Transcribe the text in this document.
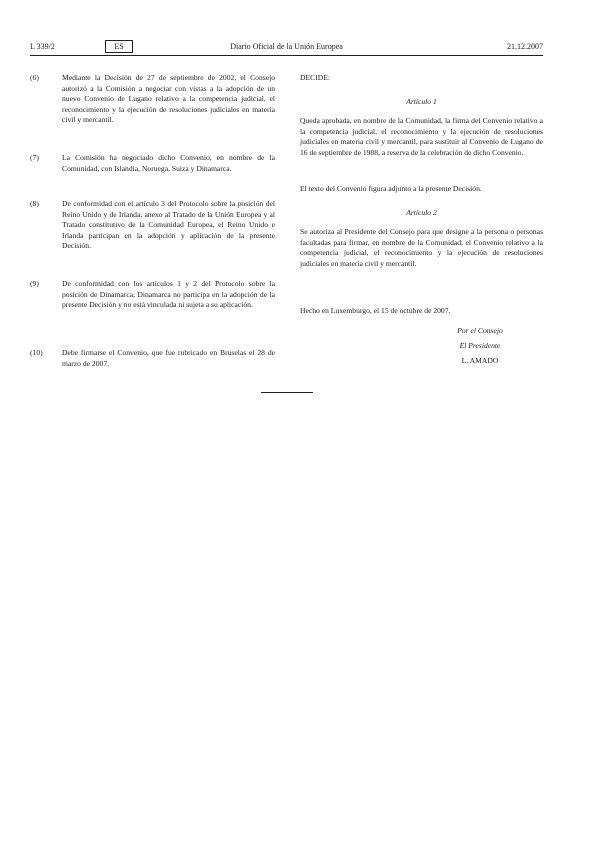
L 339/2	ES	Diario Oficial de la Unión Europea	21.12.2007
(6)	Mediante la Decisión de 27 de septiembre de 2002, el Consejo autorizó a la Comisión a negociar con vistas a la adopción de un nuevo Convenio de Lugano relativo a la competencia judicial, el reconocimiento y la ejecución de resoluciones judiciales en materia civil y mercantil.
(7)	La Comisión ha negociado dicho Convenio, en nombre de la Comunidad, con Islandia, Noruega, Suiza y Dinamarca.
(8)	De conformidad con el artículo 3 del Protocolo sobre la posición del Reino Unido y de Irlanda, anexo al Tratado de la Unión Europea y al Tratado constitutivo de la Comunidad Europea, el Reino Unido e Irlanda participan en la adopción y aplicación de la presente Decisión.
(9)	De conformidad con los artículos 1 y 2 del Protocolo sobre la posición de Dinamarca, Dinamarca no participa en la adopción de la presente Decisión y no está vinculada ni sujeta a su aplicación.
(10)	Debe firmarse el Convenio, que fue rubricado en Bruselas el 28 de marzo de 2007.
DECIDE:
Artículo 1
Queda aprobada, en nombre de la Comunidad, la firma del Convenio relativo a la competencia judicial, el reconocimiento y la ejecución de resoluciones judiciales en materia civil y mercantil, para sustituir al Convenio de Lugano de 16 de septiembre de 1988, a reserva de la celebración de dicho Convenio.
El texto del Convenio figura adjunto a la presente Decisión.
Artículo 2
Se autoriza al Presidente del Consejo para que designe a la persona o personas facultadas para firmar, en nombre de la Comunidad, el Convenio relativo a la competencia judicial, el reconocimiento y la ejecución de resoluciones judiciales en materia civil y mercantil.
Hecho en Luxemburgo, el 15 de octubre de 2007.
Por el Consejo
El Presidente
L. AMADO
